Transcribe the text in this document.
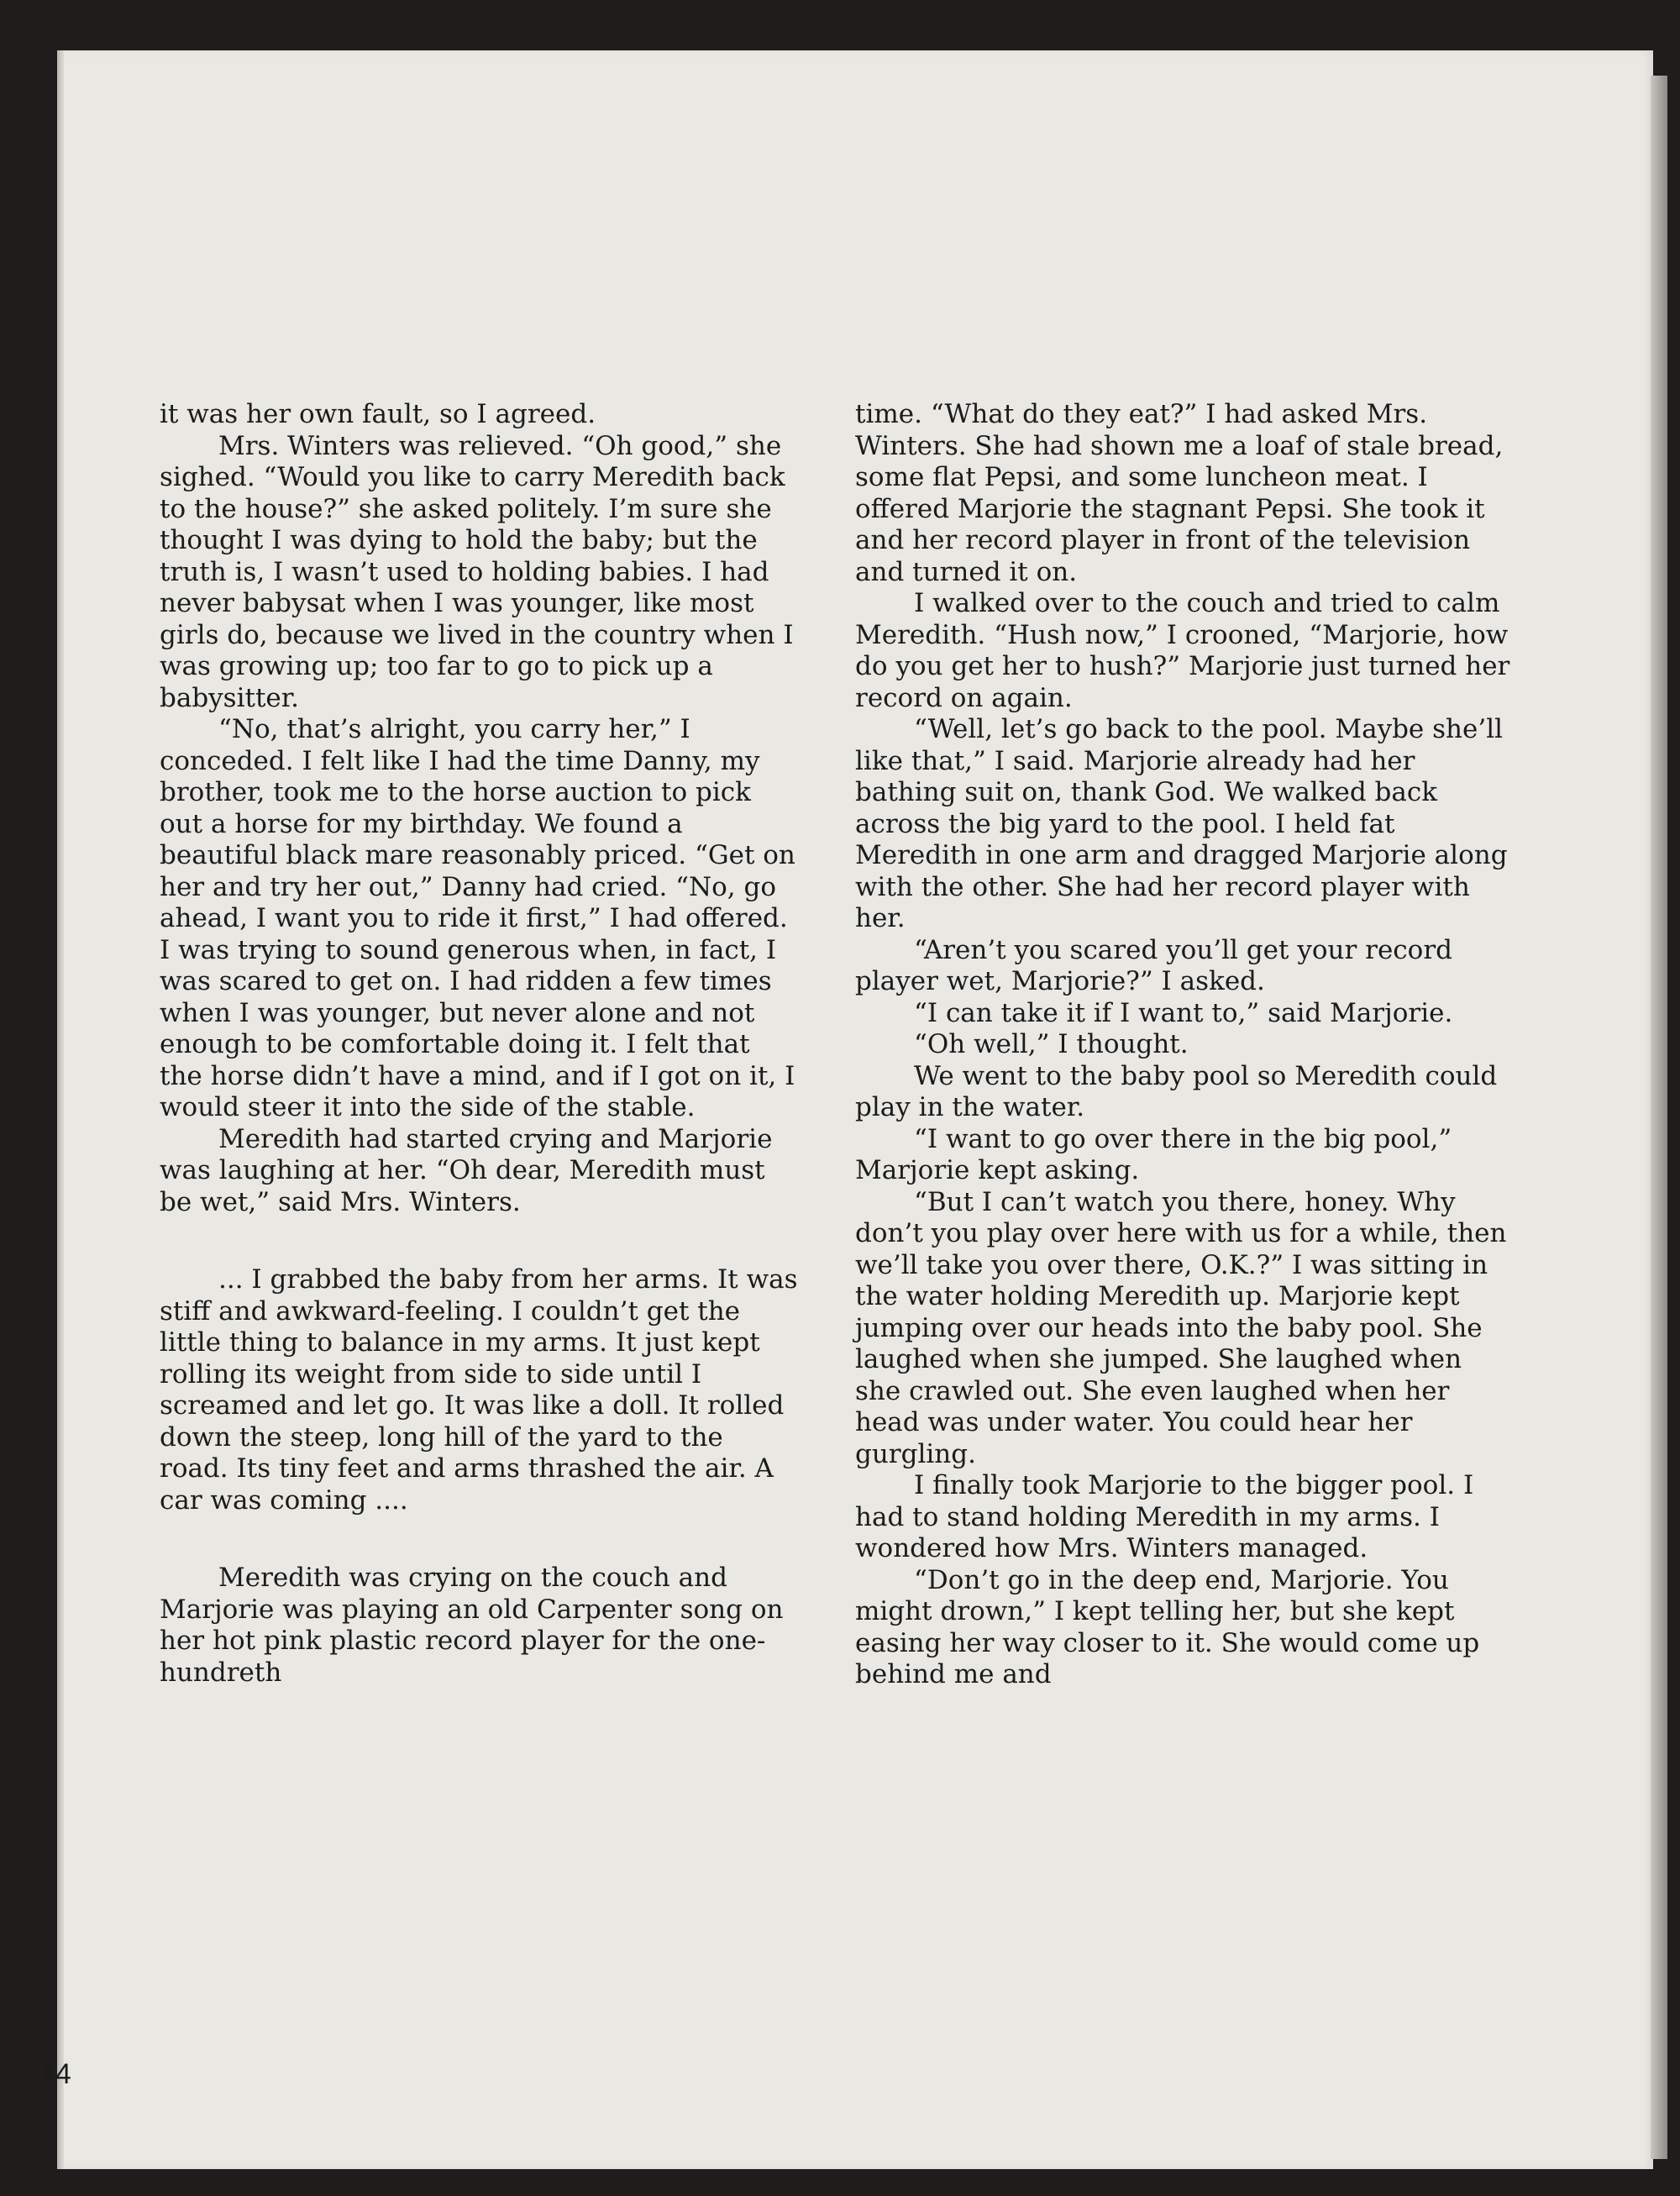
it was her own fault, so I agreed.

Mrs. Winters was relieved. “Oh good,” she sighed. “Would you like to carry Meredith back to the house?” she asked politely. I’m sure she thought I was dying to hold the baby; but the truth is, I wasn’t used to holding babies. I had never babysat when I was younger, like most girls do, because we lived in the country when I was growing up; too far to go to pick up a babysitter.

“No, that’s alright, you carry her,” I conceded. I felt like I had the time Danny, my brother, took me to the horse auction to pick out a horse for my birthday. We found a beautiful black mare reasonably priced. “Get on her and try her out,” Danny had cried. “No, go ahead, I want you to ride it first,” I had offered. I was trying to sound generous when, in fact, I was scared to get on. I had ridden a few times when I was younger, but never alone and not enough to be comfortable doing it. I felt that the horse didn’t have a mind, and if I got on it, I would steer it into the side of the stable.

Meredith had started crying and Marjorie was laughing at her. “Oh dear, Meredith must be wet,” said Mrs. Winters.

... I grabbed the baby from her arms. It was stiff and awkward-feeling. I couldn’t get the little thing to balance in my arms. It just kept rolling its weight from side to side until I screamed and let go. It was like a doll. It rolled down the steep, long hill of the yard to the road. Its tiny feet and arms thrashed the air. A car was coming ....

Meredith was crying on the couch and Marjorie was playing an old Carpenter song on her hot pink plastic record player for the one-hundreth

time. “What do they eat?” I had asked Mrs. Winters. She had shown me a loaf of stale bread, some flat Pepsi, and some luncheon meat. I offered Marjorie the stagnant Pepsi. She took it and her record player in front of the television and turned it on.

I walked over to the couch and tried to calm Meredith. “Hush now,” I crooned, “Marjorie, how do you get her to hush?” Marjorie just turned her record on again.

“Well, let’s go back to the pool. Maybe she’ll like that,” I said. Marjorie already had her bathing suit on, thank God. We walked back across the big yard to the pool. I held fat Meredith in one arm and dragged Marjorie along with the other. She had her record player with her.

“Aren’t you scared you’ll get your record player wet, Marjorie?” I asked.

“I can take it if I want to,” said Marjorie.

“Oh well,” I thought.

We went to the baby pool so Meredith could play in the water.

“I want to go over there in the big pool,” Marjorie kept asking.

“But I can’t watch you there, honey. Why don’t you play over here with us for a while, then we’ll take you over there, O.K.?” I was sitting in the water holding Meredith up. Marjorie kept jumping over our heads into the baby pool. She laughed when she jumped. She laughed when she crawled out. She even laughed when her head was under water. You could hear her gurgling.

I finally took Marjorie to the bigger pool. I had to stand holding Meredith in my arms. I wondered how Mrs. Winters managed.

“Don’t go in the deep end, Marjorie. You might drown,” I kept telling her, but she kept easing her way closer to it. She would come up behind me and

14
